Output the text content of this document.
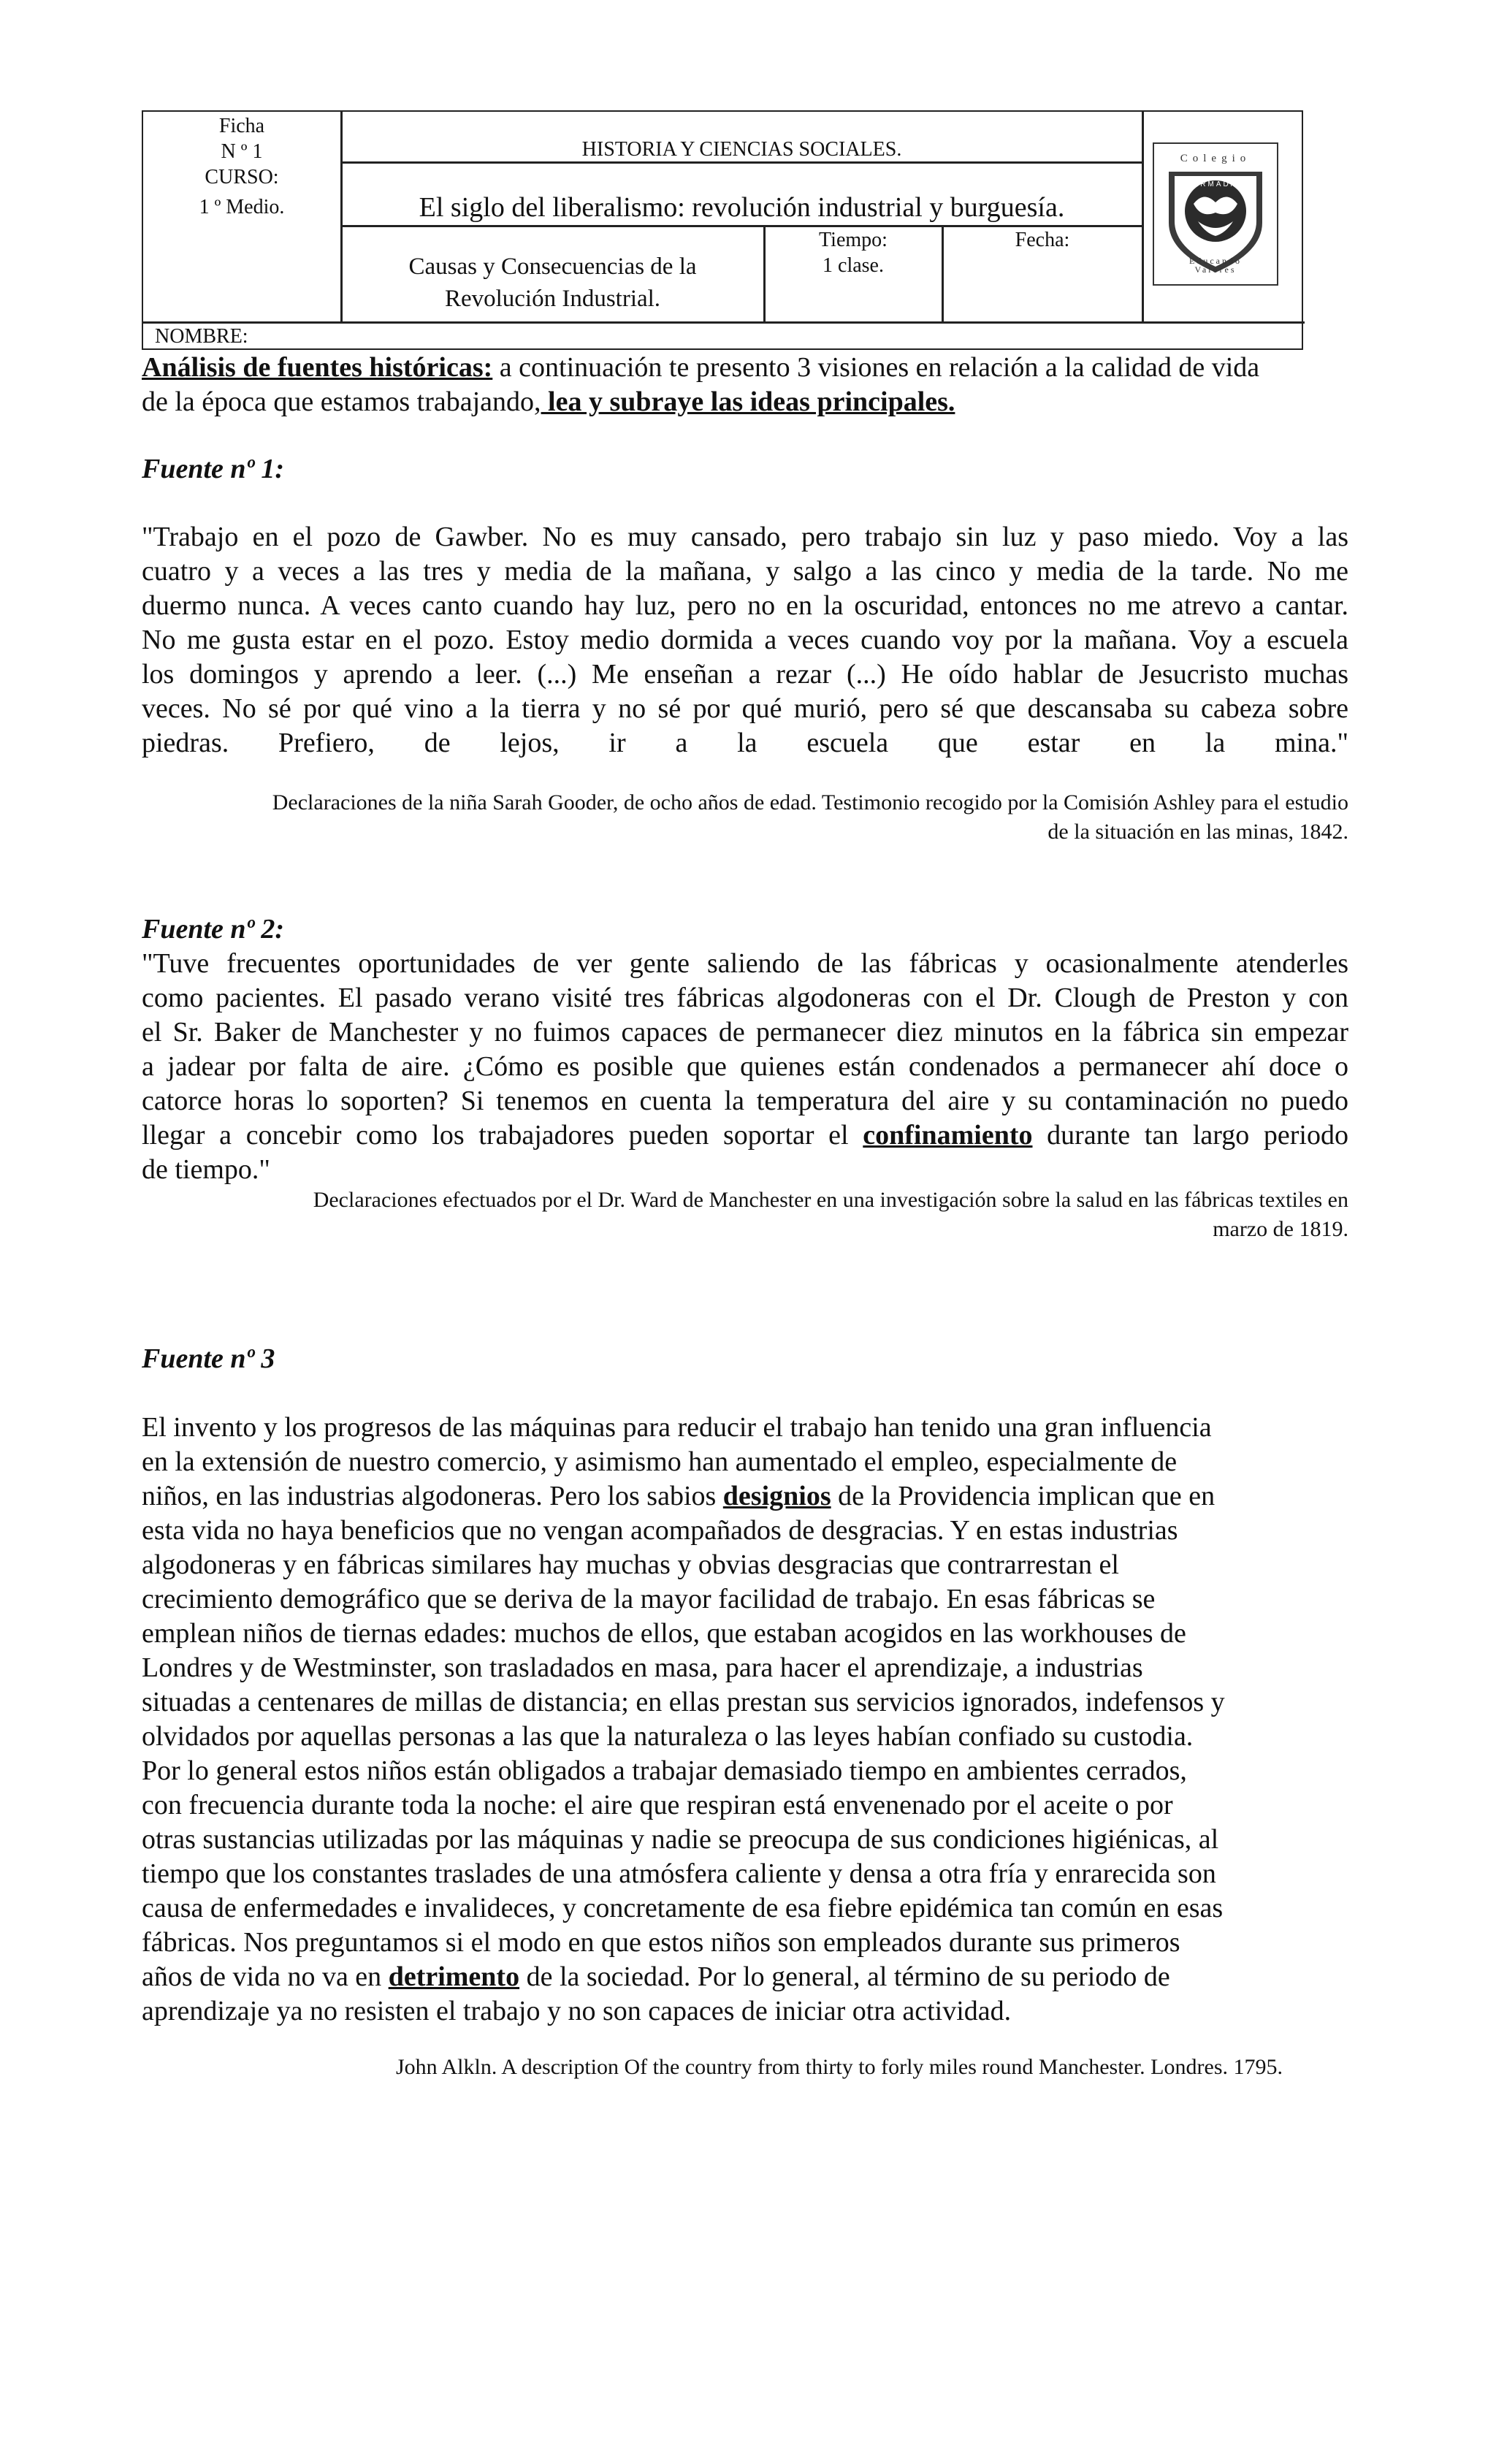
Ficha
N º 1
CURSO:
1 º Medio.
HISTORIA Y CIENCIAS SOCIALES.
El siglo del liberalismo: revolución industrial y burguesía.
Causas y Consecuencias de la
Revolución Industrial.
Tiempo:
1 clase.
Fecha:
NOMBRE:
Colegio
ARMADA
Educando
Valores
Análisis de fuentes históricas: a continuación te presento 3 visiones en relación a la calidad de vida
de la época que estamos trabajando, lea y subraye las ideas principales.
Fuente nº 1:
"Trabajo en el pozo de Gawber. No es muy cansado, pero trabajo sin luz y paso miedo. Voy a las
cuatro y a veces a las tres y media de la mañana, y salgo a las cinco y media de la tarde. No me
duermo nunca. A veces canto cuando hay luz, pero no en la oscuridad, entonces no me atrevo a cantar.
No me gusta estar en el pozo. Estoy medio dormida a veces cuando voy por la mañana. Voy a escuela
los domingos y aprendo a leer. (...) Me enseñan a rezar (...) He oído hablar de Jesucristo muchas
veces. No sé por qué vino a la tierra y no sé por qué murió, pero sé que descansaba su cabeza sobre
piedras. Prefiero, de lejos, ir a la escuela que estar en la mina."
Declaraciones de la niña Sarah Gooder, de ocho años de edad. Testimonio recogido por la Comisión Ashley para el estudio
de la situación en las minas, 1842.
Fuente nº 2:
"Tuve frecuentes oportunidades de ver gente saliendo de las fábricas y ocasionalmente atenderles
como pacientes. El pasado verano visité tres fábricas algodoneras con el Dr. Clough de Preston y con
el Sr. Baker de Manchester y no fuimos capaces de permanecer diez minutos en la fábrica sin empezar
a jadear por falta de aire. ¿Cómo es posible que quienes están condenados a permanecer ahí doce o
catorce horas lo soporten? Si tenemos en cuenta la temperatura del aire y su contaminación no puedo
llegar a concebir como los trabajadores pueden soportar el confinamiento durante tan largo periodo
de tiempo."
Declaraciones efectuados por el Dr. Ward de Manchester en una investigación sobre la salud en las fábricas textiles en
marzo de 1819.
Fuente nº 3
El invento y los progresos de las máquinas para reducir el trabajo han tenido una gran influencia
en la extensión de nuestro comercio, y asimismo han aumentado el empleo, especialmente de
niños, en las industrias algodoneras. Pero los sabios designios de la Providencia implican que en
esta vida no haya beneficios que no vengan acompañados de desgracias. Y en estas industrias
algodoneras y en fábricas similares hay muchas y obvias desgracias que contrarrestan el
crecimiento demográfico que se deriva de la mayor facilidad de trabajo. En esas fábricas se
emplean niños de tiernas edades: muchos de ellos, que estaban acogidos en las workhouses de
Londres y de Westminster, son trasladados en masa, para hacer el aprendizaje, a industrias
situadas a centenares de millas de distancia; en ellas prestan sus servicios ignorados, indefensos y
olvidados por aquellas personas a las que la naturaleza o las leyes habían confiado su custodia.
Por lo general estos niños están obligados a trabajar demasiado tiempo en ambientes cerrados,
con frecuencia durante toda la noche: el aire que respiran está envenenado por el aceite o por
otras sustancias utilizadas por las máquinas y nadie se preocupa de sus condiciones higiénicas, al
tiempo que los constantes traslades de una atmósfera caliente y densa a otra fría y enrarecida son
causa de enfermedades e invalideces, y concretamente de esa fiebre epidémica tan común en esas
fábricas. Nos preguntamos si el modo en que estos niños son empleados durante sus primeros
años de vida no va en detrimento de la sociedad. Por lo general, al término de su periodo de
aprendizaje ya no resisten el trabajo y no son capaces de iniciar otra actividad.
John Alkln. A description Of the country from thirty to forly miles round Manchester. Londres. 1795.
